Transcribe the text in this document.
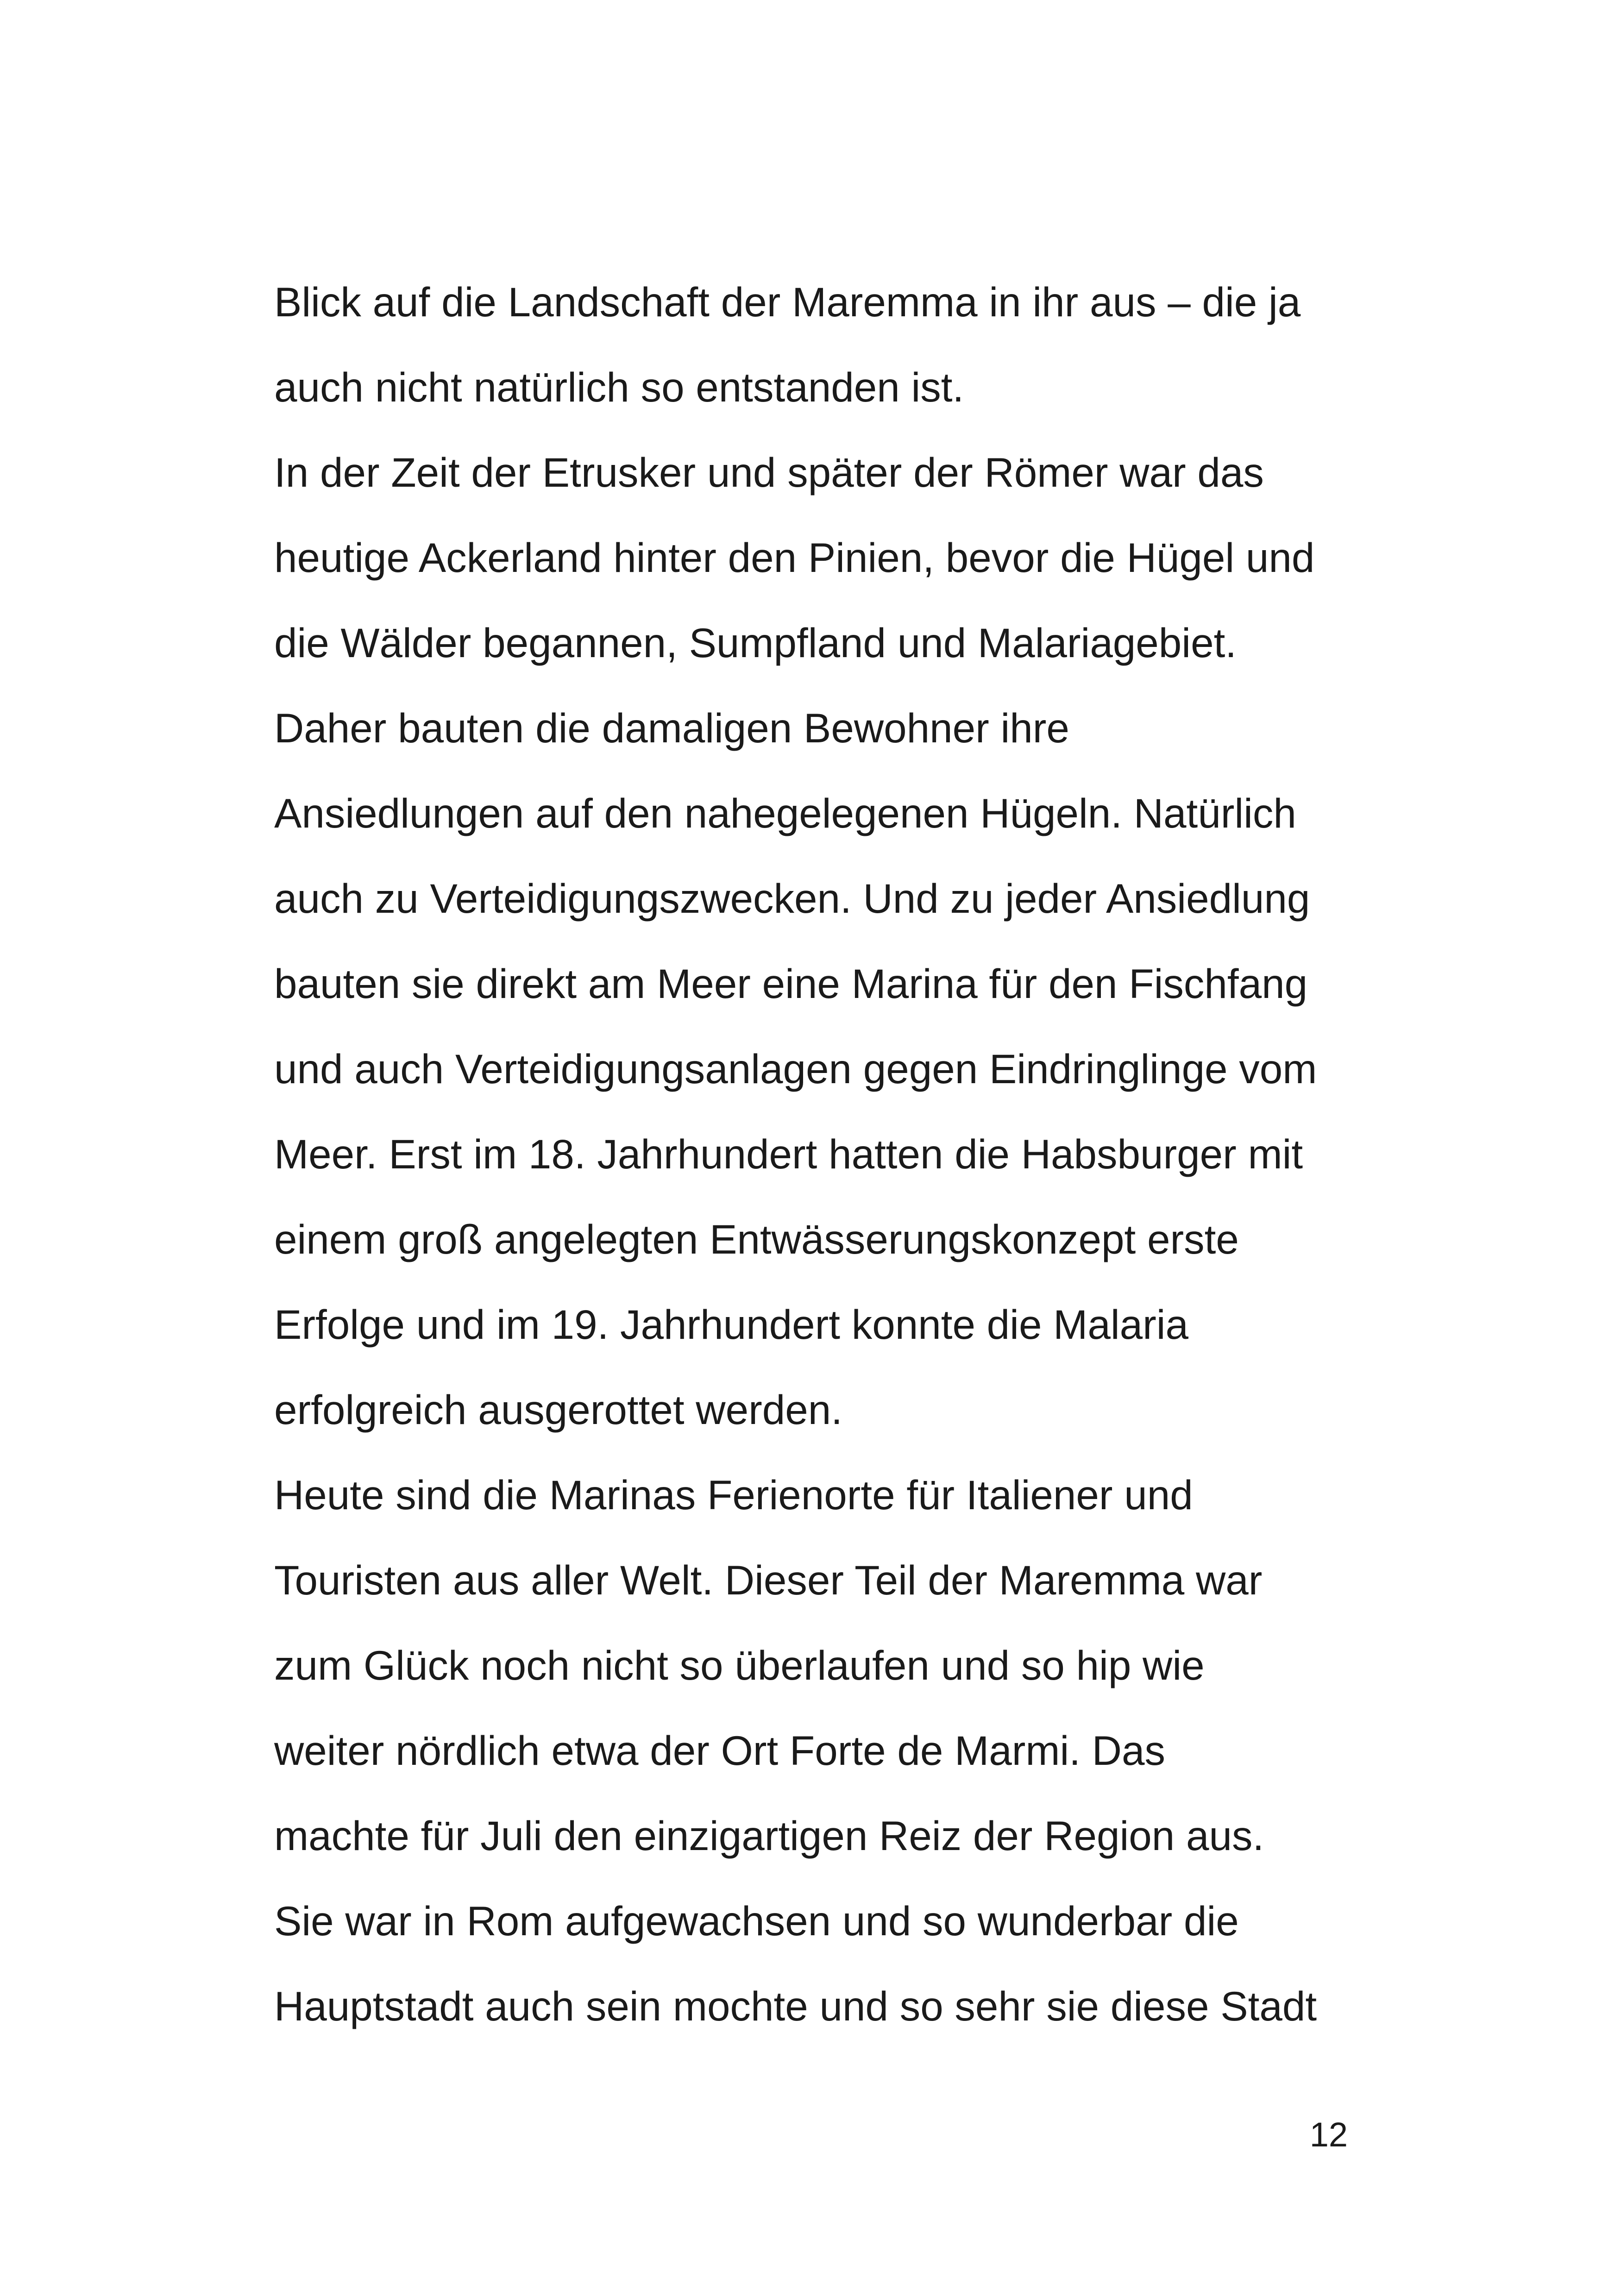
Blick auf die Landschaft der Maremma in ihr aus – die ja
auch nicht natürlich so entstanden ist.
In der Zeit der Etrusker und später der Römer war das
heutige Ackerland hinter den Pinien, bevor die Hügel und
die Wälder begannen, Sumpfland und Malariagebiet.
Daher bauten die damaligen Bewohner ihre
Ansiedlungen auf den nahegelegenen Hügeln. Natürlich
auch zu Verteidigungszwecken. Und zu jeder Ansiedlung
bauten sie direkt am Meer eine Marina für den Fischfang
und auch Verteidigungsanlagen gegen Eindringlinge vom
Meer. Erst im 18. Jahrhundert hatten die Habsburger mit
einem groß angelegten Entwässerungskonzept erste
Erfolge und im 19. Jahrhundert konnte die Malaria
erfolgreich ausgerottet werden.
Heute sind die Marinas Ferienorte für Italiener und
Touristen aus aller Welt. Dieser Teil der Maremma war
zum Glück noch nicht so überlaufen und so hip wie
weiter nördlich etwa der Ort Forte de Marmi. Das
machte für Juli den einzigartigen Reiz der Region aus.
Sie war in Rom aufgewachsen und so wunderbar die
Hauptstadt auch sein mochte und so sehr sie diese Stadt
12
